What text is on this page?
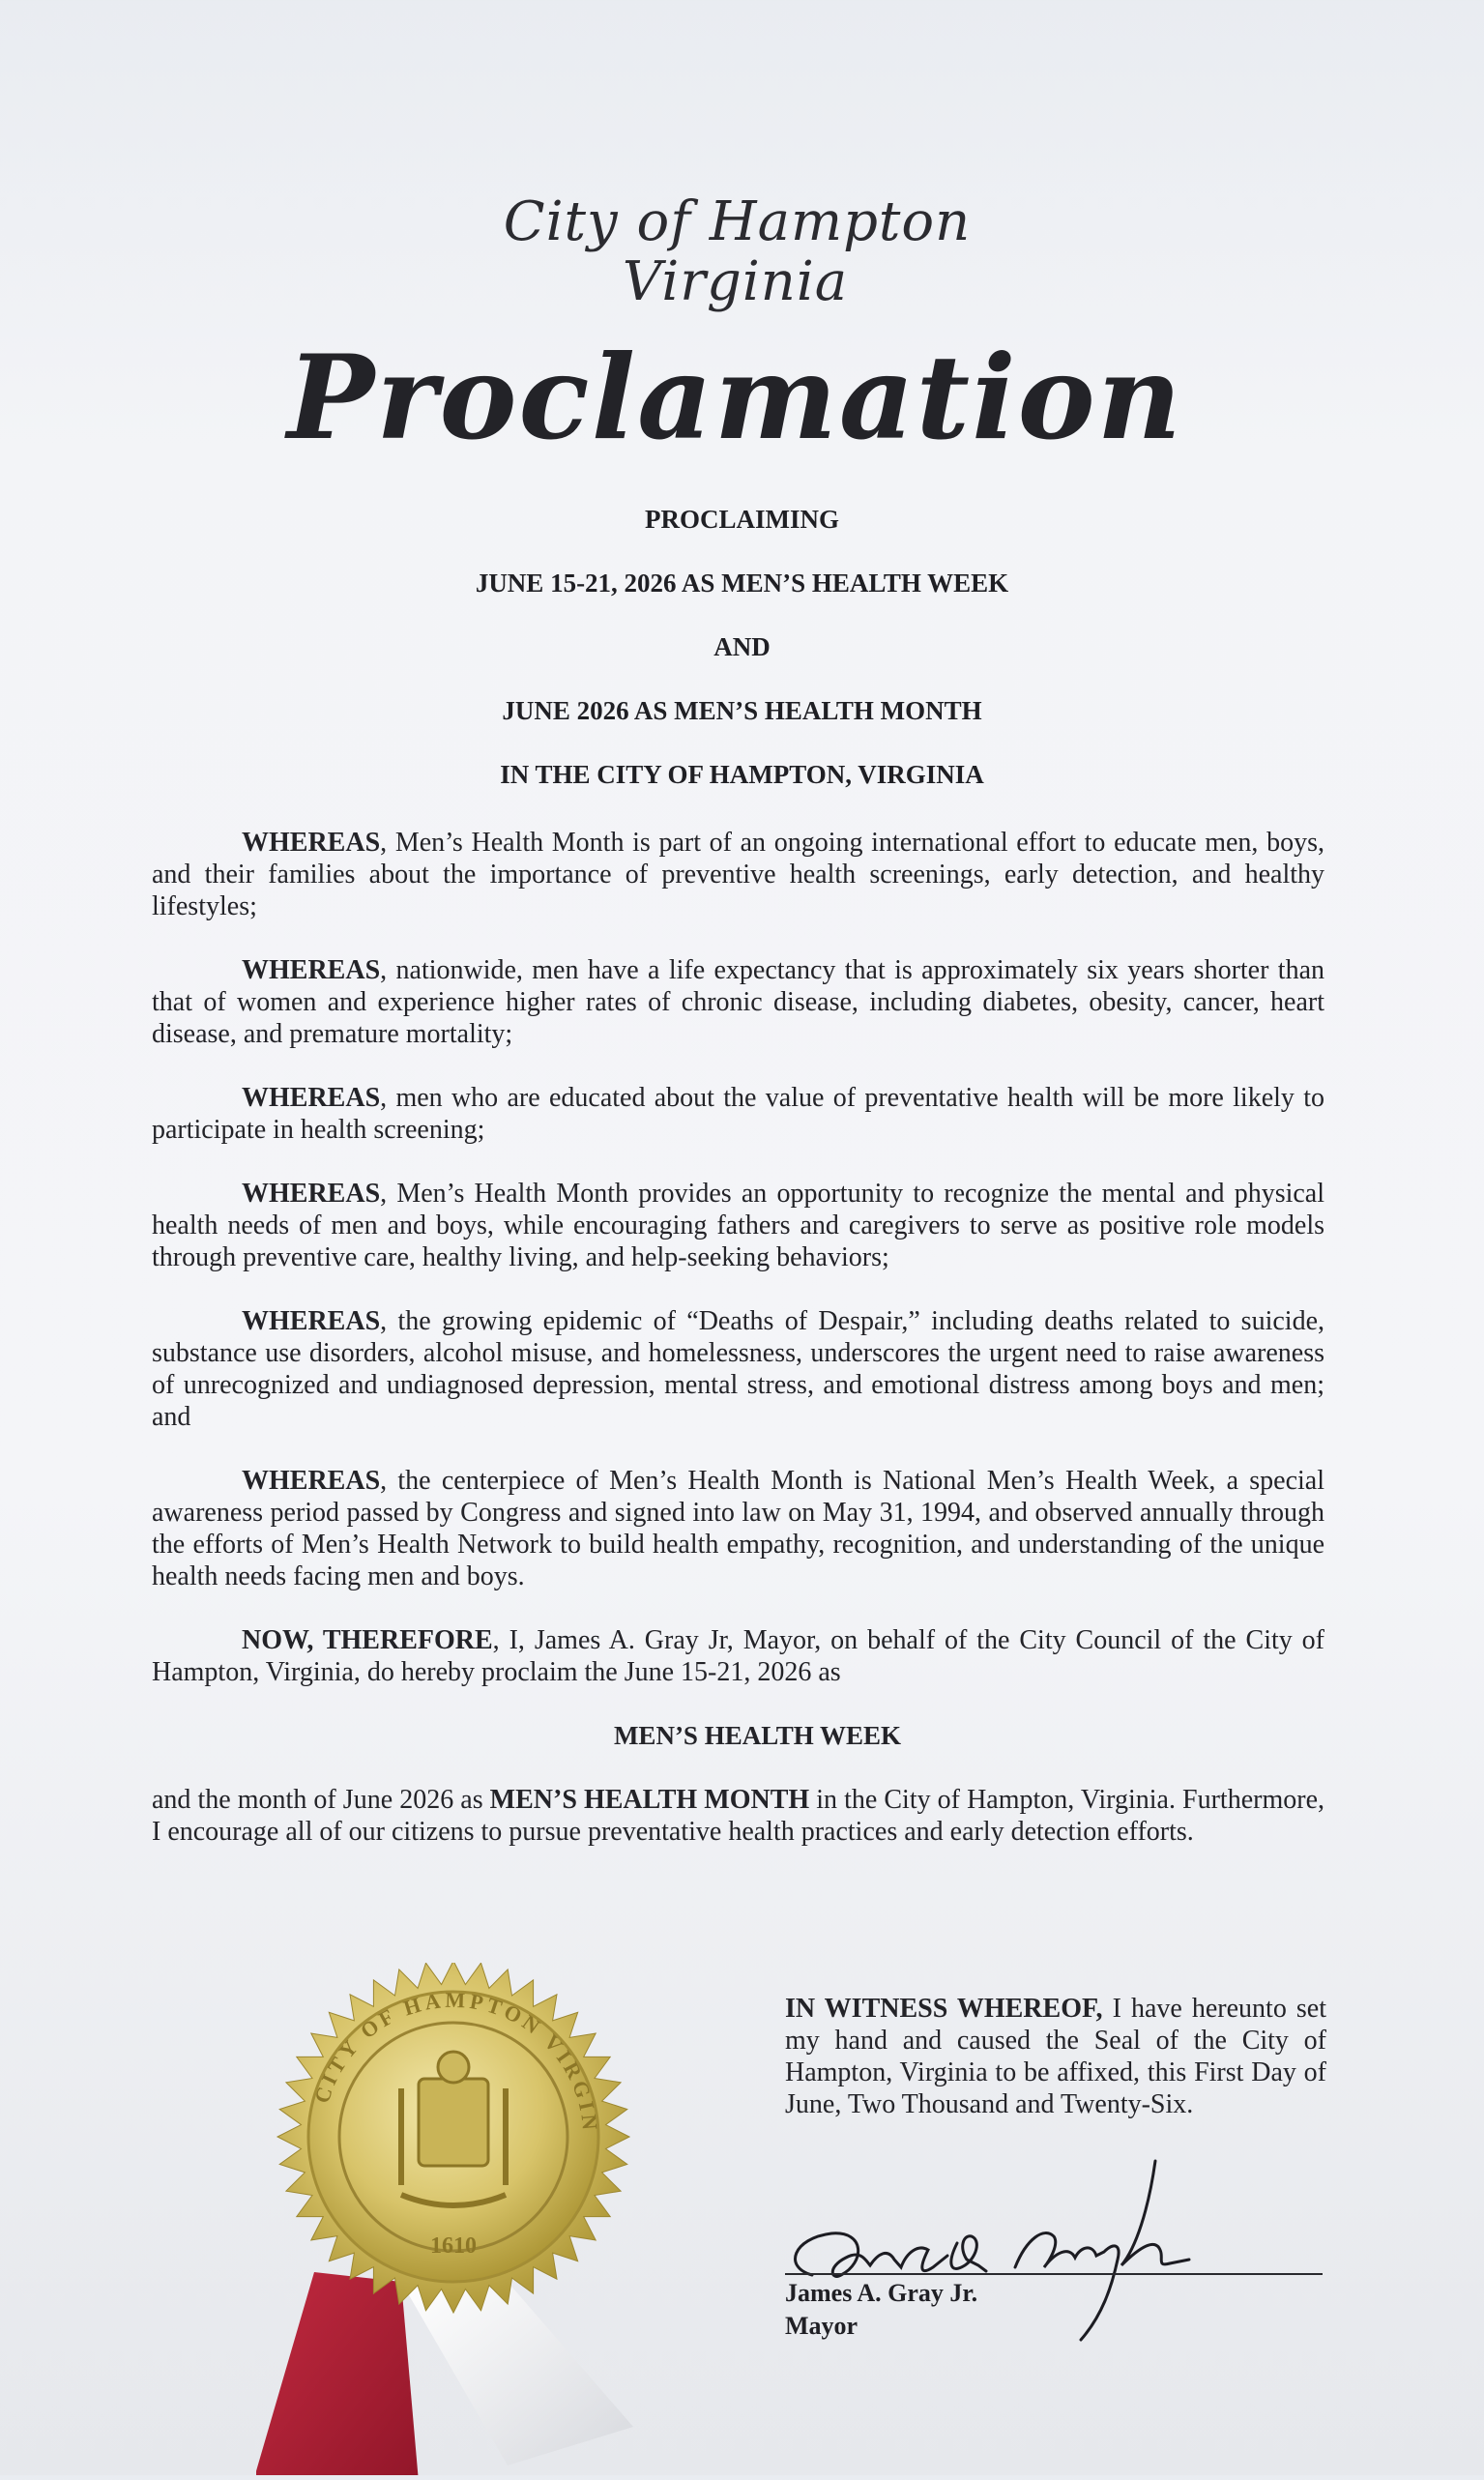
City of Hampton
Virginia
Proclamation
PROCLAIMING
JUNE 15-21, 2026 AS MEN’S HEALTH WEEK
AND
JUNE 2026 AS MEN’S HEALTH MONTH
IN THE CITY OF HAMPTON, VIRGINIA

WHEREAS, Men’s Health Month is part of an ongoing international effort to educate men, boys, and their families about the importance of preventive health screenings, early detection, and healthy lifestyles;

WHEREAS, nationwide, men have a life expectancy that is approximately six years shorter than that of women and experience higher rates of chronic disease, including diabetes, obesity, cancer, heart disease, and premature mortality;

WHEREAS, men who are educated about the value of preventative health will be more likely to participate in health screening;

WHEREAS, Men’s Health Month provides an opportunity to recognize the mental and physical health needs of men and boys, while encouraging fathers and caregivers to serve as positive role models through preventive care, healthy living, and help-seeking behaviors;

WHEREAS, the growing epidemic of “Deaths of Despair,” including deaths related to suicide, substance use disorders, alcohol misuse, and homelessness, underscores the urgent need to raise awareness of unrecognized and undiagnosed depression, mental stress, and emotional distress among boys and men; and

WHEREAS, the centerpiece of Men’s Health Month is National Men’s Health Week, a special awareness period passed by Congress and signed into law on May 31, 1994, and observed annually through the efforts of Men’s Health Network to build health empathy, recognition, and understanding of the unique health needs facing men and boys.

NOW, THEREFORE, I, James A. Gray Jr, Mayor, on behalf of the City Council of the City of Hampton, Virginia, do hereby proclaim the June 15-21, 2026 as

MEN’S HEALTH WEEK

and the month of June 2026 as MEN’S HEALTH MONTH in the City of Hampton, Virginia. Furthermore, I encourage all of our citizens to pursue preventative health practices and early detection efforts.

IN WITNESS WHEREOF, I have hereunto set my hand and caused the Seal of the City of Hampton, Virginia to be affixed, this First Day of June, Two Thousand and Twenty-Six.
James A. Gray Jr.
Mayor
CITY OF HAMPTON VIRGIN
1610
